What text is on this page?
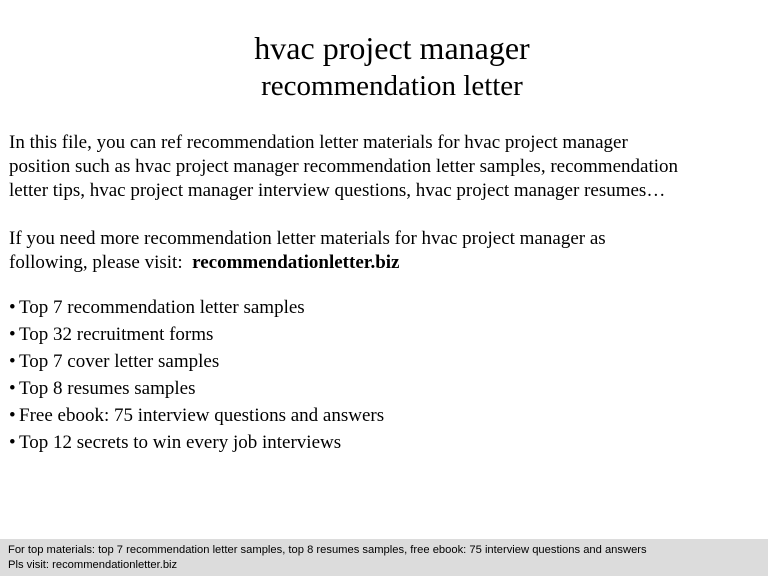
hvac project manager
recommendation letter

In this file, you can ref recommendation letter materials for hvac project manager
position such as hvac project manager recommendation letter samples, recommendation
letter tips, hvac project manager interview questions, hvac project manager resumes…

If you need more recommendation letter materials for hvac project manager as
following, please visit: recommendationletter.biz

• Top 7 recommendation letter samples
• Top 32 recruitment forms
• Top 7 cover letter samples
• Top 8 resumes samples
• Free ebook: 75 interview questions and answers
• Top 12 secrets to win every job interviews
For top materials: top 7 recommendation letter samples, top 8 resumes samples, free ebook: 75 interview questions and answers
Pls visit: recommendationletter.biz
